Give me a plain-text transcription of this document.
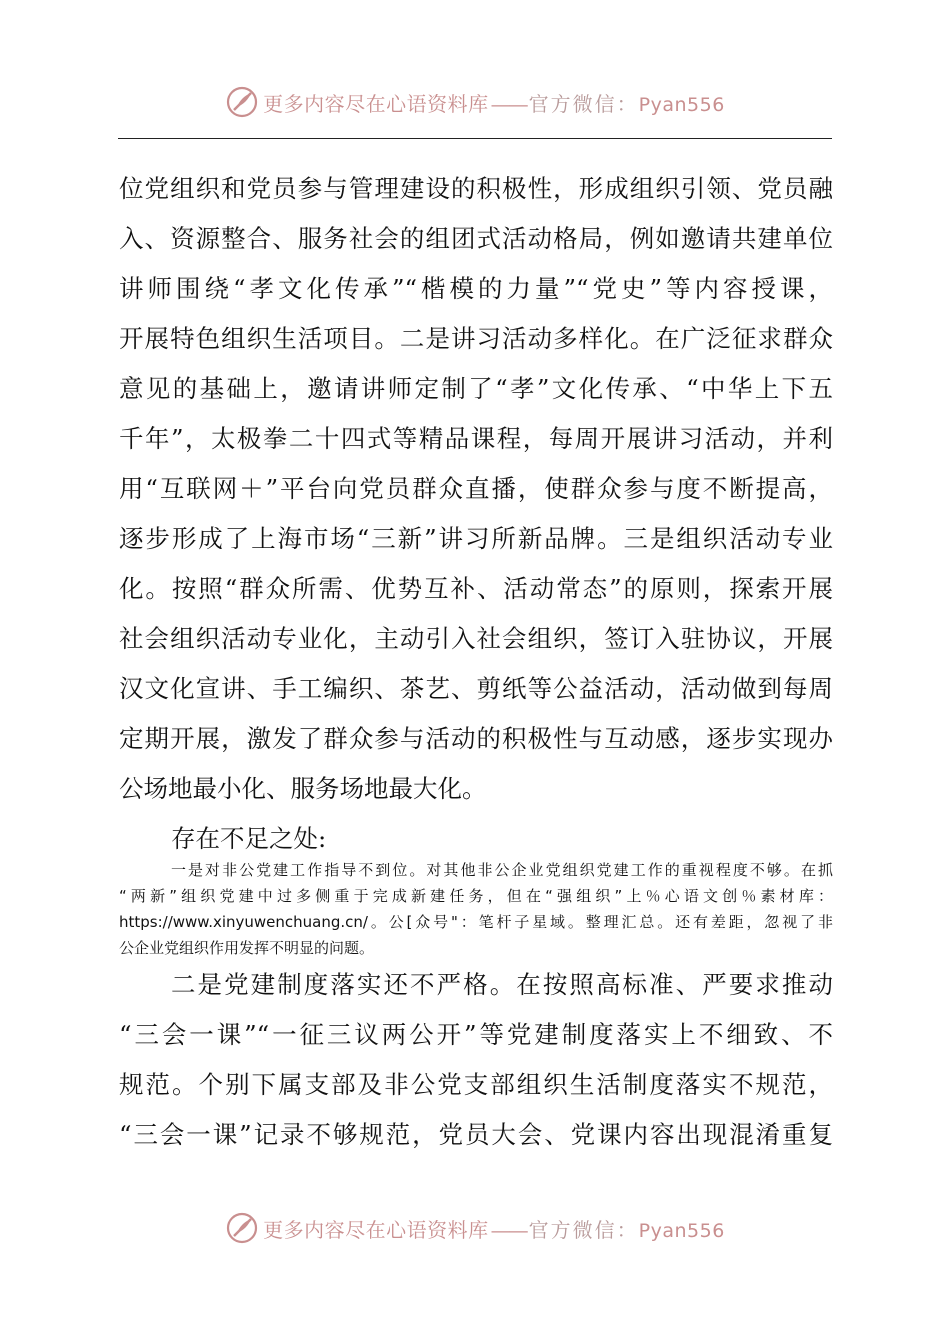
更多内容尽在心语资料库 —— 官方微信：Pyan556
位党组织和党员参与管理建设的积极性，形成组织引领、党员融
入、资源整合、服务社会的组团式活动格局，例如邀请共建单位
讲师围绕“孝文化传承”“楷模的力量”“党史”等内容授课，
开展特色组织生活项目。二是讲习活动多样化。在广泛征求群众
意见的基础上，邀请讲师定制了“孝”文化传承、“中华上下五
千年”，太极拳二十四式等精品课程，每周开展讲习活动，并利
用“互联网＋”平台向党员群众直播，使群众参与度不断提高，
逐步形成了上海市场“三新”讲习所新品牌。三是组织活动专业
化。按照“群众所需、优势互补、活动常态”的原则，探索开展
社会组织活动专业化，主动引入社会组织，签订入驻协议，开展
汉文化宣讲、手工编织、茶艺、剪纸等公益活动，活动做到每周
定期开展，激发了群众参与活动的积极性与互动感，逐步实现办
公场地最小化、服务场地最大化。
存在不足之处:
一是对非公党建工作指导不到位。对其他非公企业党组织党建工作的重视程度不够。在抓
“两新”组织党建中过多侧重于完成新建任务，但在“强组织”上％心语文创％素材库：
https://www.xinyuwenchuang.cn/。公[众号"：笔杆子星域。整理汇总。还有差距，忽视了非
公企业党组织作用发挥不明显的问题。
二是党建制度落实还不严格。在按照高标准、严要求推动
“三会一课”“一征三议两公开”等党建制度落实上不细致、不
规范。个别下属支部及非公党支部组织生活制度落实不规范，
“三会一课”记录不够规范，党员大会、党课内容出现混淆重复
更多内容尽在心语资料库 —— 官方微信：Pyan556
